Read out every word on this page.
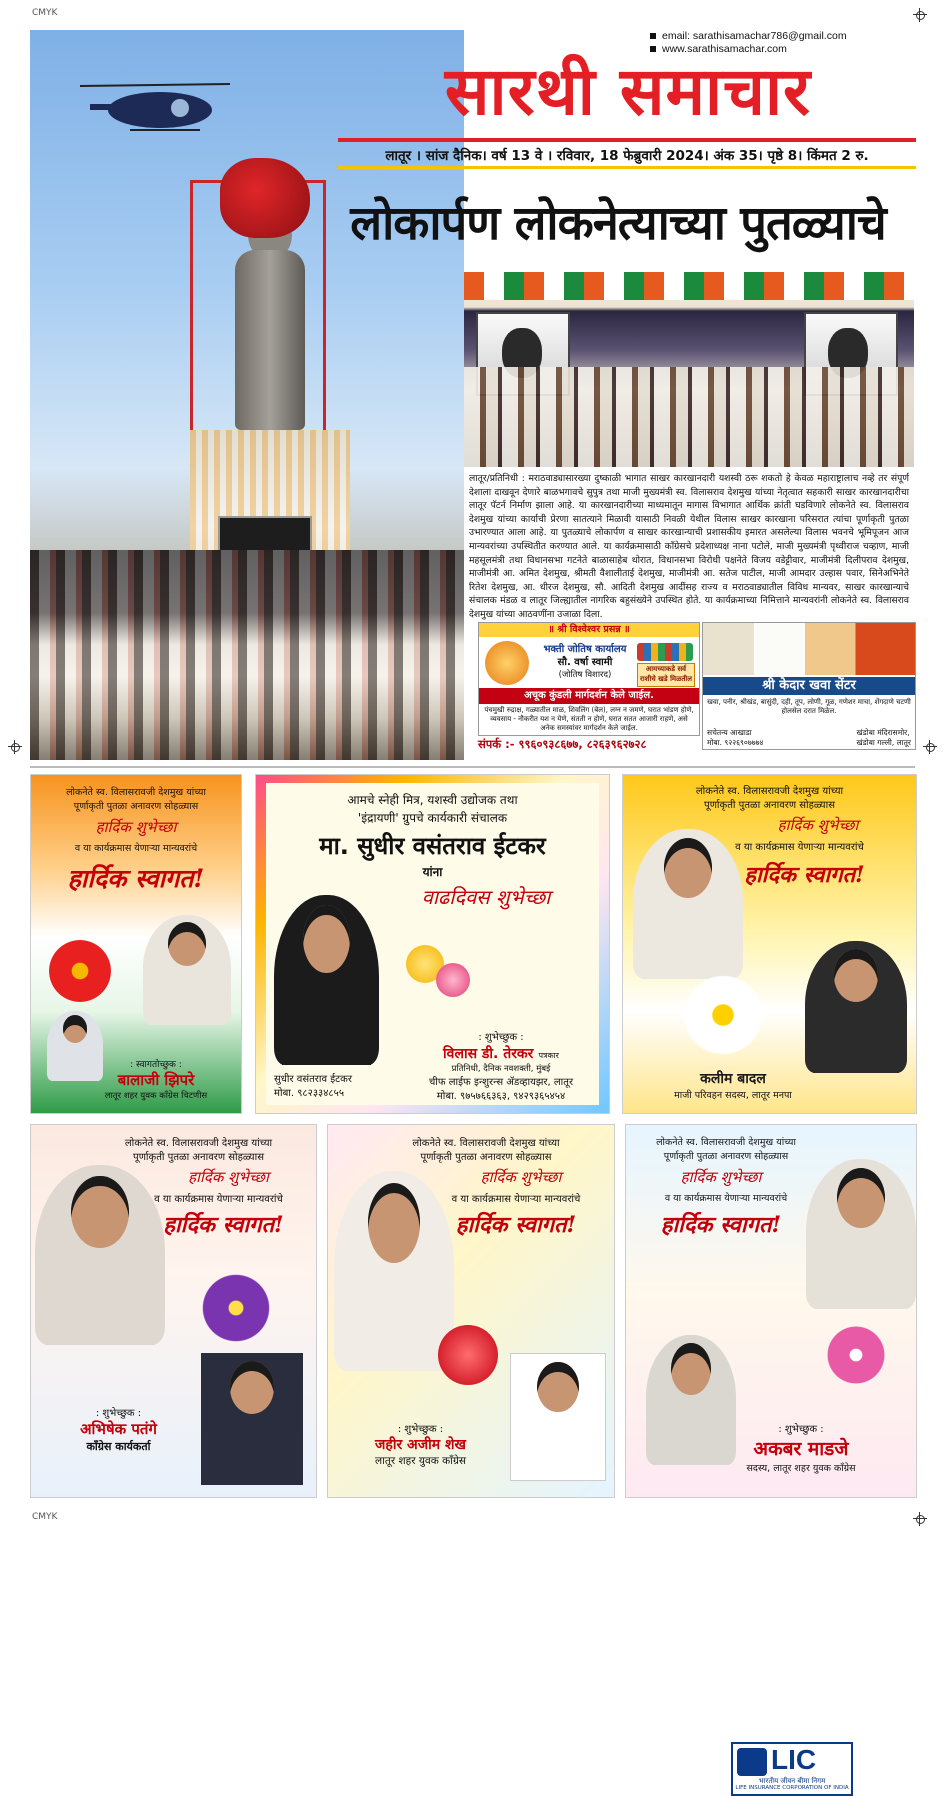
CMYK
CMYK
email: sarathisamachar786@gmail.com
www.sarathisamachar.com
सारथी समाचार
लातूर । सांज दैनिक। वर्ष 13 वे । रविवार, 18 फेब्रुवारी 2024। अंक 35। पृष्ठे 8। किंमत 2 रु.
लोकार्पण लोकनेत्याच्या पुतळ्याचे
लातूर/प्रतिनिधी : मराठवाड्यासारख्या दुष्काळी भागात साखर कारखानदारी यशस्वी ठरू शकतो हे केवळ महाराष्ट्रालाच नव्हे तर संपूर्ण देशाला दाखवून देणारे बाळभगावचे सुपुत्र तथा माजी मुख्यमंत्री स्व. विलासराव देशमुख यांच्या नेतृत्वात सहकारी साखर कारखानदारीचा लातूर पॅटर्न निर्माण झाला आहे. या कारखानदारीच्या माध्यमातून मागास विभागात आर्थिक क्रांती घडविणारे लोकनेते स्व. विलासराव देशमुख यांच्या कार्याची प्रेरणा सातत्याने मिळावी यासाठी निवळी येथील विलास साखर कारखाना परिसरात त्यांचा पूर्णाकृती पुतळा उभारण्यात आला आहे. या पुतळ्याचे लोकार्पण व साखर कारखान्याची प्रशासकीय इमारत असलेल्या विलास भवनचे भूमिपूजन आज मान्यवरांच्या उपस्थितीत करण्यात आले. या कार्यक्रमासाठी कॉंग्रेसचे प्रदेशाध्यक्ष नाना पटोले, माजी मुख्यमंत्री पृथ्वीराज चव्हाण, माजी महसूलमंत्री तथा विधानसभा गटनेते बाळासाहेब थोरात, विधानसभा विरोधी पक्षनेते विजय वडेट्टीवार, माजीमंत्री दिलीपराव देशमुख, माजीमंत्री आ. अमित देशमुख, श्रीमती वैशालीताई देशमुख, माजीमंत्री आ. सतेज पाटील, माजी आमदार उल्हास पवार, सिनेअभिनेते रितेश देशमुख, आ. धीरज देशमुख, सौ. आदिती देशमुख आदींसह राज्य व मराठवाड्यातील विविध मान्यवर, साखर कारखान्याचे संचालक मंडळ व लातूर जिल्ह्यातील नागरिक बहुसंख्येने उपस्थित होते. या कार्यक्रमाच्या निमित्ताने मान्यवरांनी लोकनेते स्व. विलासराव देशमुख यांच्या आठवणींना उजाळा दिला.
॥ श्री विश्वेश्वर प्रसन्न ॥
भक्ती जोतिष कार्यालय
सौ. वर्षा स्वामी
(जोतिष विशारद)
आमच्याकडे सर्व राशीचे खडे मिळतील
अचूक कुंडली मार्गदर्शन केले जाईल.
पंचमुखी रुद्राक्ष, गळ्यातील माळ, शिवलिंग (बेल), लग्न न जमणे, घरात भांडण होणे, व्यवसाय - नौकरीत यश न येणे, संतती न होणे, घरात सतत आजारी राहणे, असे अनेक समस्यांवर मार्गदर्शन केले जाईल.
संपर्क :- ९९६०९३८६७७, ८२६३९६२७२८
श्री केदार खवा सेंटर
खवा, पनीर, श्रीखंड, बासुंदी, दही, तूप, लोणी, गूळ, गणेशर माचा, शेंगदाणे चटणी होलसेल दरात मिळेल.
सचेतन्य आखाडा
मोबा. ९२२६९०७७७४
खंडोबा मंदिरासमोर,
खंडोबा गल्ली, लातूर
लोकनेते स्व. विलासरावजी देशमुख यांच्या
पूर्णाकृती पुतळा अनावरण सोहळ्यास
हार्दिक शुभेच्छा
व या कार्यक्रमास येणाऱ्या मान्यवरांचे
हार्दिक स्वागत!
: स्वागतोच्छुक :
बालाजी झिपरे
लातूर शहर युवक कॉंग्रेस चिटणीस
आमचे स्नेही मित्र, यशस्वी उद्योजक तथा
'इंद्रायणी' ग्रुपचे कार्यकारी संचालक
मा. सुधीर वसंतराव ईटकर
यांना
वाढदिवस शुभेच्छा
LIC
भारतीय जीवन बीमा निगम
LIFE INSURANCE CORPORATION OF INDIA
सुधीर वसंतराव ईटकर
मोबा. ९८२३३४८५५
: शुभेच्छुक :
विलास डी. तेरकर पत्रकार
प्रतिनिधी, दैनिक नवशक्ती, मुंबई
चीफ लाईफ इन्शुरन्स ॲडव्हायझर, लातूर
मोबा. ९७५७६६३६३, ९४२९३६५४५४
लोकनेते स्व. विलासरावजी देशमुख यांच्या
पूर्णाकृती पुतळा अनावरण सोहळ्यास
हार्दिक शुभेच्छा
व या कार्यक्रमास येणाऱ्या मान्यवरांचे
हार्दिक स्वागत!
कलीम बादल
माजी परिवहन सदस्य, लातूर मनपा
लोकनेते स्व. विलासरावजी देशमुख यांच्या
पूर्णाकृती पुतळा अनावरण सोहळ्यास
हार्दिक शुभेच्छा
व या कार्यक्रमास येणाऱ्या मान्यवरांचे
हार्दिक स्वागत!
: शुभेच्छुक :
अभिषेक पतंगे
कॉंग्रेस कार्यकर्ता
लोकनेते स्व. विलासरावजी देशमुख यांच्या
पूर्णाकृती पुतळा अनावरण सोहळ्यास
हार्दिक शुभेच्छा
व या कार्यक्रमास येणाऱ्या मान्यवरांचे
हार्दिक स्वागत!
: शुभेच्छुक :
जहीर अजीम शेख
लातूर शहर युवक कॉंग्रेस
लोकनेते स्व. विलासरावजी देशमुख यांच्या
पूर्णाकृती पुतळा अनावरण सोहळ्यास
हार्दिक शुभेच्छा
व या कार्यक्रमास येणाऱ्या मान्यवरांचे
हार्दिक स्वागत!
: शुभेच्छुक :
अकबर माडजे
सदस्य, लातूर शहर युवक कॉंग्रेस
